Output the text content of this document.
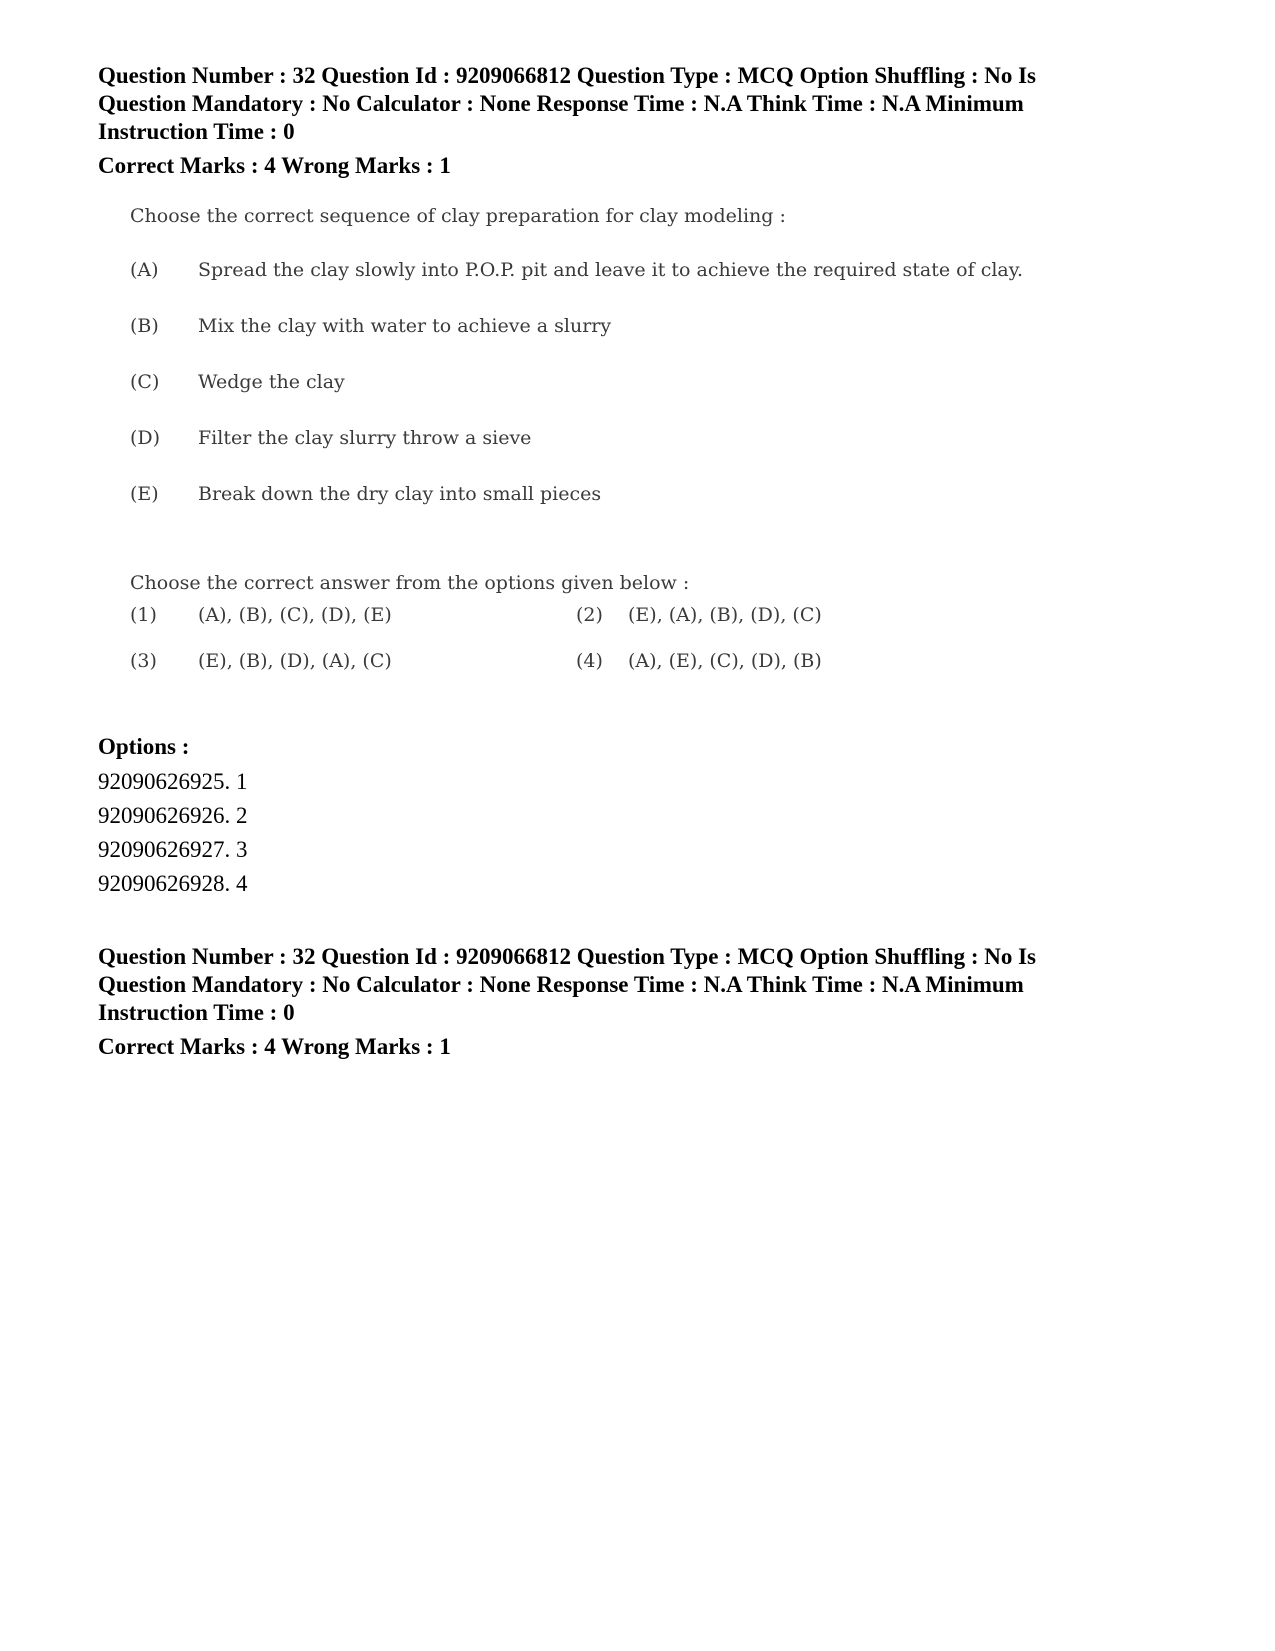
Question Number : 32 Question Id : 9209066812 Question Type : MCQ Option Shuffling : No Is Question Mandatory : No Calculator : None Response Time : N.A Think Time : N.A Minimum Instruction Time : 0

Correct Marks : 4 Wrong Marks : 1

Choose the correct sequence of clay preparation for clay modeling :
(A) Spread the clay slowly into P.O.P. pit and leave it to achieve the required state of clay.
(B) Mix the clay with water to achieve a slurry
(C) Wedge the clay
(D) Filter the clay slurry throw a sieve
(E) Break down the dry clay into small pieces
Choose the correct answer from the options given below :
(1) (A), (B), (C), (D), (E)	(2) (E), (A), (B), (D), (C)
(3) (E), (B), (D), (A), (C)	(4) (A), (E), (C), (D), (B)

Options :

92090626925. 1

92090626926. 2

92090626927. 3

92090626928. 4

Question Number : 32 Question Id : 9209066812 Question Type : MCQ Option Shuffling : No Is Question Mandatory : No Calculator : None Response Time : N.A Think Time : N.A Minimum Instruction Time : 0

Correct Marks : 4 Wrong Marks : 1
